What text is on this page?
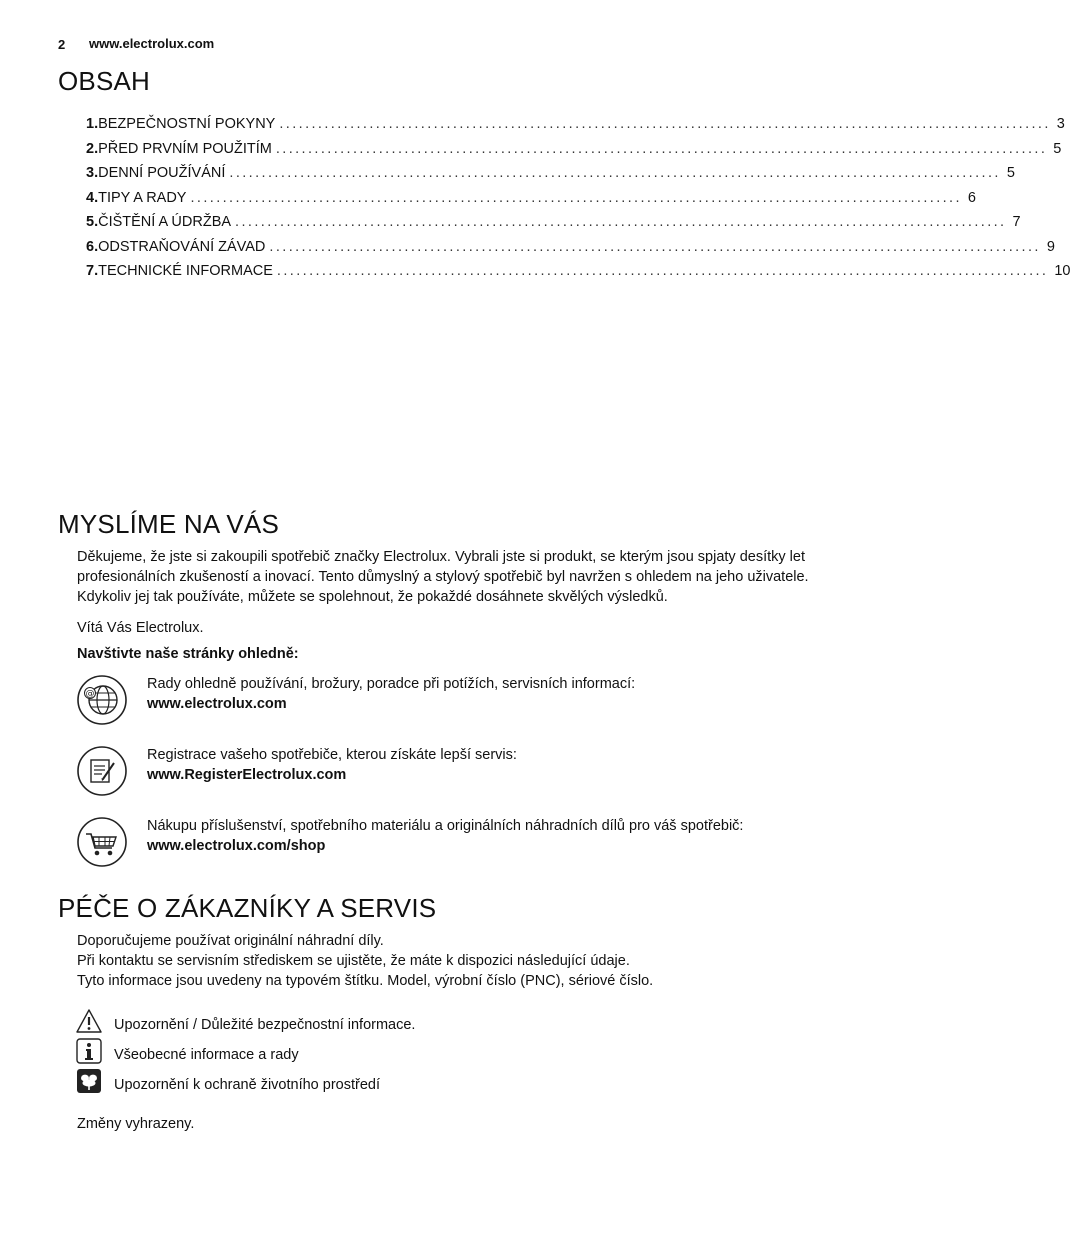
2 www.electrolux.com
OBSAH
1. BEZPEČNOSTNÍ POKYNY ........................................................................................................................ 3
2. PŘED PRVNÍM POUŽITÍM ........................................................................................................................ 5
3. DENNÍ POUŽÍVÁNÍ ........................................................................................................................ 5
4. TIPY A RADY ........................................................................................................................ 6
5. ČIŠTĚNÍ A ÚDRŽBA ........................................................................................................................ 7
6. ODSTRAŇOVÁNÍ ZÁVAD ........................................................................................................................ 9
7. TECHNICKÉ INFORMACE ........................................................................................................................ 10
MYSLÍME NA VÁS
Děkujeme, že jste si zakoupili spotřebič značky Electrolux. Vybrali jste si produkt, se kterým jsou spjaty desítky let profesionálních zkušeností a inovací. Tento důmyslný a stylový spotřebič byl navržen s ohledem na jeho uživatele. Kdykoliv jej tak používáte, můžete se spolehnout, že pokaždé dosáhnete skvělých výsledků.
Vítá Vás Electrolux.
Navštivte naše stránky ohledně:
@
Rady ohledně používání, brožury, poradce při potížích, servisních informací:
www.electrolux.com
Registrace vašeho spotřebiče, kterou získáte lepší servis:
www.RegisterElectrolux.com
Nákupu příslušenství, spotřebního materiálu a originálních náhradních dílů pro váš spotřebič:
www.electrolux.com/shop
PÉČE O ZÁKAZNÍKY A SERVIS
Doporučujeme používat originální náhradní díly.
Při kontaktu se servisním střediskem se ujistěte, že máte k dispozici následující údaje.
Tyto informace jsou uvedeny na typovém štítku. Model, výrobní číslo (PNC), sériové číslo.
Upozornění / Důležité bezpečnostní informace.
Všeobecné informace a rady
Upozornění k ochraně životního prostředí
Změny vyhrazeny.
